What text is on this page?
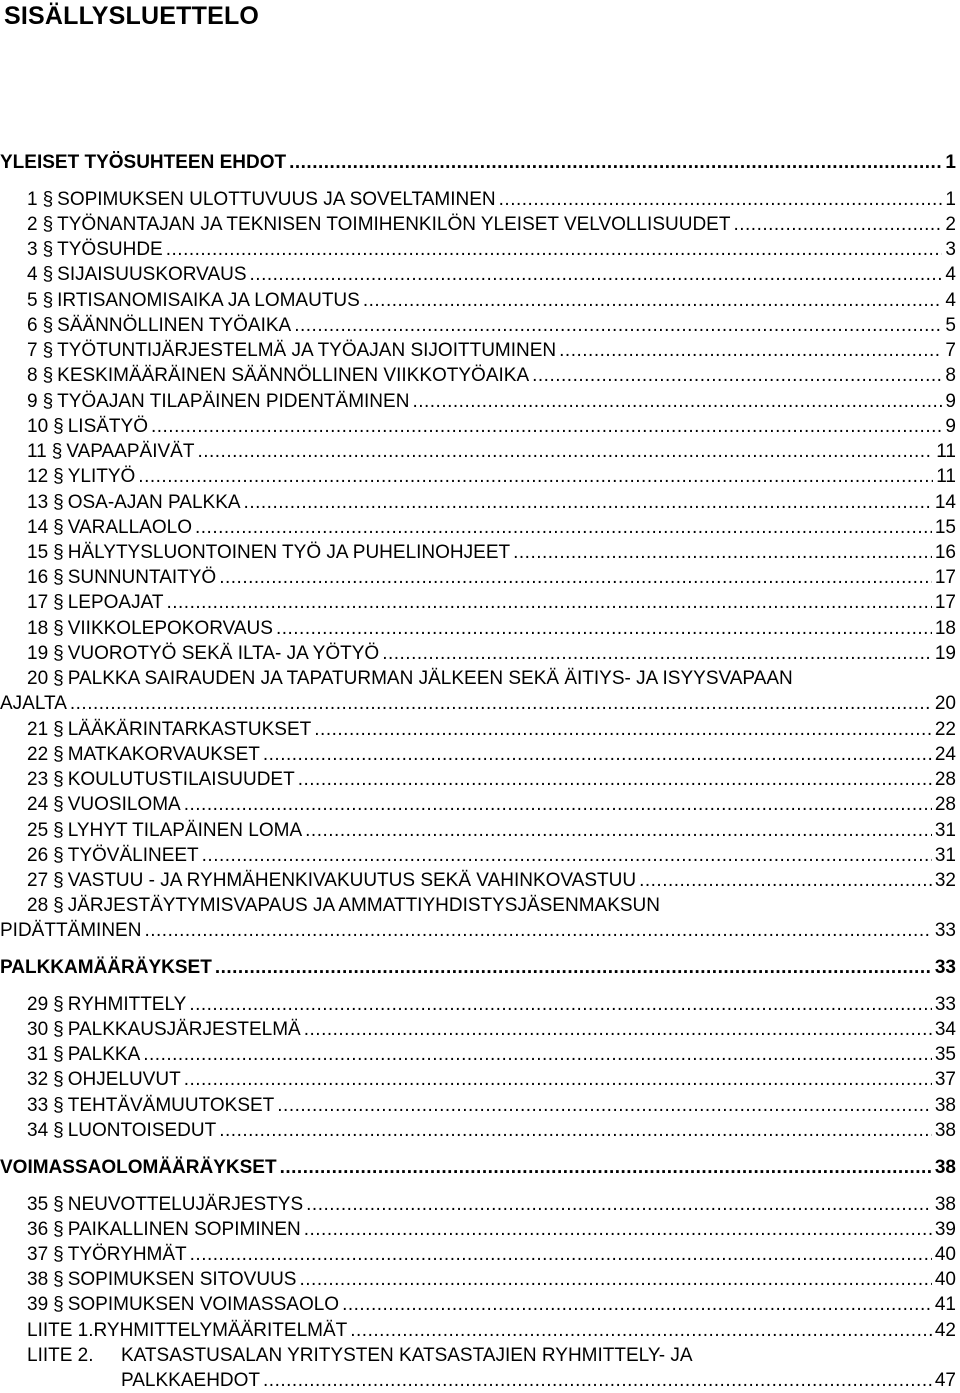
SISÄLLYSLUETTELO
YLEISET TYÖSUHTEEN EHDOT .....	1
1 § SOPIMUKSEN ULOTTUVUUS JA SOVELTAMINEN .....	1
2 § TYÖNANTAJAN JA TEKNISEN TOIMIHENKILÖN YLEISET VELVOLLISUUDET .....	2
3 § TYÖSUHDE .....	3
4 § SIJAISUUSKORVAUS .....	4
5 § IRTISANOMISAIKA JA LOMAUTUS .....	4
6 § SÄÄNNÖLLINEN TYÖAIKA .....	5
7 § TYÖTUNTIJÄRJESTELMÄ JA TYÖAJAN SIJOITTUMINEN .....	7
8 § KESKIMÄÄRÄINEN SÄÄNNÖLLINEN VIIKKOTYÖAIKA .....	8
9 § TYÖAJAN TILAPÄINEN PIDENTÄMINEN .....	9
10 § LISÄTYÖ .....	9
11 § VAPAAPÄIVÄT .....	11
12 § YLITYÖ .....	11
13 § OSA-AJAN PALKKA .....	14
14 § VARALLAOLO .....	15
15 § HÄLYTYSLUONTOINEN TYÖ JA PUHELINOHJEET .....	16
16 § SUNNUNTAITYÖ .....	17
17 § LEPOAJAT .....	17
18 § VIIKKOLEPOKORVAUS .....	18
19 § VUOROTYÖ SEKÄ ILTA- JA YÖTYÖ .....	19
20 § PALKKA SAIRAUDEN JA TAPATURMAN JÄLKEEN SEKÄ ÄITIYS- JA ISYYSVAPAAN
AJALTA .....	20
21 § LÄÄKÄRINTARKASTUKSET .....	22
22 § MATKAKORVAUKSET .....	24
23 § KOULUTUSTILAISUUDET .....	28
24 § VUOSILOMA .....	28
25 § LYHYT TILAPÄINEN LOMA .....	31
26 § TYÖVÄLINEET .....	31
27 § VASTUU - JA RYHMÄHENKIVAKUUTUS SEKÄ VAHINKOVASTUU .....	32
28 § JÄRJESTÄYTYMISVAPAUS JA AMMATTIYHDISTYSJÄSENMAKSUN
PIDÄTTÄMINEN .....	33
PALKKAMÄÄRÄYKSET .....	33
29 § RYHMITTELY .....	33
30 § PALKKAUSJÄRJESTELMÄ .....	34
31 § PALKKA .....	35
32 § OHJELUVUT .....	37
33 § TEHTÄVÄMUUTOKSET .....	38
34 § LUONTOISEDUT .....	38
VOIMASSAOLOMÄÄRÄYKSET .....	38
35 § NEUVOTTELUJÄRJESTYS .....	38
36 § PAIKALLINEN SOPIMINEN .....	39
37 § TYÖRYHMÄT .....	40
38 § SOPIMUKSEN SITOVUUS .....	40
39 § SOPIMUKSEN VOIMASSAOLO .....	41
LIITE 1. RYHMITTELYMÄÄRITELMÄT .....	42
LIITE 2.	KATSASTUSALAN YRITYSTEN KATSASTAJIEN RYHMITTELY- JA
PALKKAEHDOT .....	47
